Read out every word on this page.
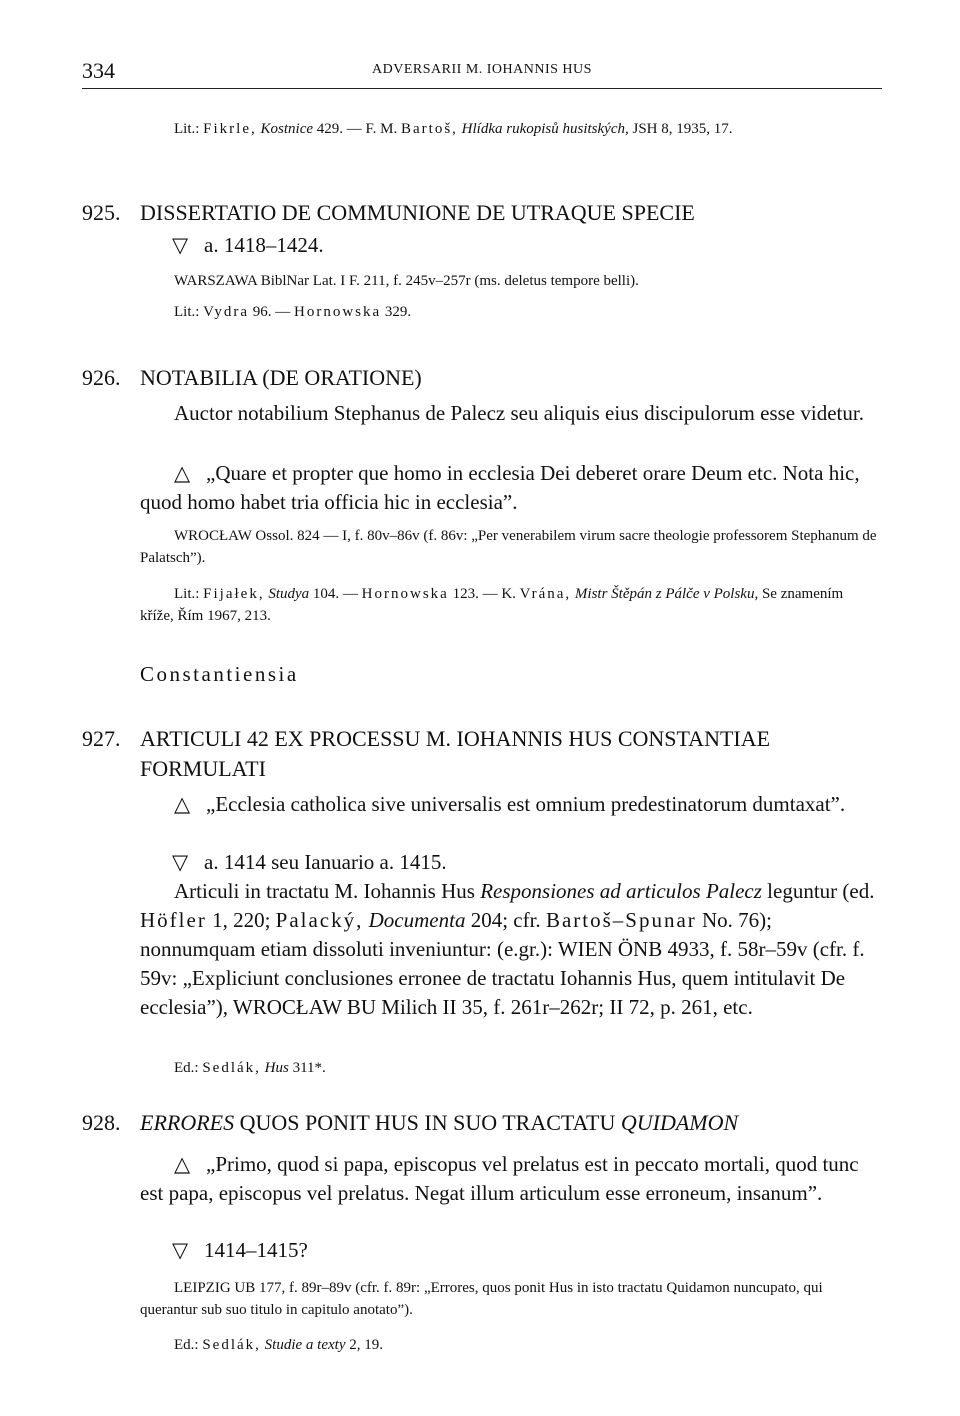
334	ADVERSARII M. IOHANNIS HUS

Lit.: Fikrle, Kostnice 429. — F. M. Bartoš, Hlídka rukopisů husitských, JSH 8, 1935, 17.

925. DISSERTATIO DE COMMUNIONE DE UTRAQUE SPECIE
▽ a. 1418–1424.
WARSZAWA BiblNar Lat. I F. 211, f. 245v–257r (ms. deletus tempore belli).
Lit.: Vydra 96. — Hornowska 329.
926. NOTABILIA (DE ORATIONE)

Auctor notabilium Stephanus de Palecz seu aliquis eius discipulorum esse videtur.

△ „Quare et propter que homo in ecclesia Dei deberet orare Deum etc. Nota hic, quod homo habet tria officia hic in ecclesia”.

WROCŁAW Ossol. 824 — I, f. 80v–86v (f. 86v: „Per venerabilem virum sacre theologie professorem Stephanum de Palatsch”).

Lit.: Fijałek, Studya 104. — Hornowska 123. — K. Vrána, Mistr Štěpán z Pálče v Polsku, Se znamením kříže, Řím 1967, 213.

Constantiensia
927. ARTICULI 42 EX PROCESSU M. IOHANNIS HUS CONSTANTIAE FORMULATI

△ „Ecclesia catholica sive universalis est omnium predestinatorum dumtaxat”.

▽ a. 1414 seu Ianuario a. 1415.

Articuli in tractatu M. Iohannis Hus Responsiones ad articulos Palecz leguntur (ed. Höfler 1, 220; Palacký, Documenta 204; cfr. Bartoš–Spunar No. 76); nonnumquam etiam dissoluti inveniuntur: (e.gr.): WIEN ÖNB 4933, f. 58r–59v (cfr. f. 59v: „Expliciunt conclusiones erronee de tractatu Iohannis Hus, quem intitulavit De ecclesia”), WROCŁAW BU Milich II 35, f. 261r–262r; II 72, p. 261, etc.

Ed.: Sedlák, Hus 311*.

928. ERRORES QUOS PONIT HUS IN SUO TRACTATU QUIDAMON

△ „Primo, quod si papa, episcopus vel prelatus est in peccato mortali, quod tunc est papa, episcopus vel prelatus. Negat illum articulum esse erroneum, insanum”.

▽ 1414–1415?

LEIPZIG UB 177, f. 89r–89v (cfr. f. 89r: „Errores, quos ponit Hus in isto tractatu Quidamon nuncupato, qui querantur sub suo titulo in capitulo anotato”).

Ed.: Sedlák, Studie a texty 2, 19.
